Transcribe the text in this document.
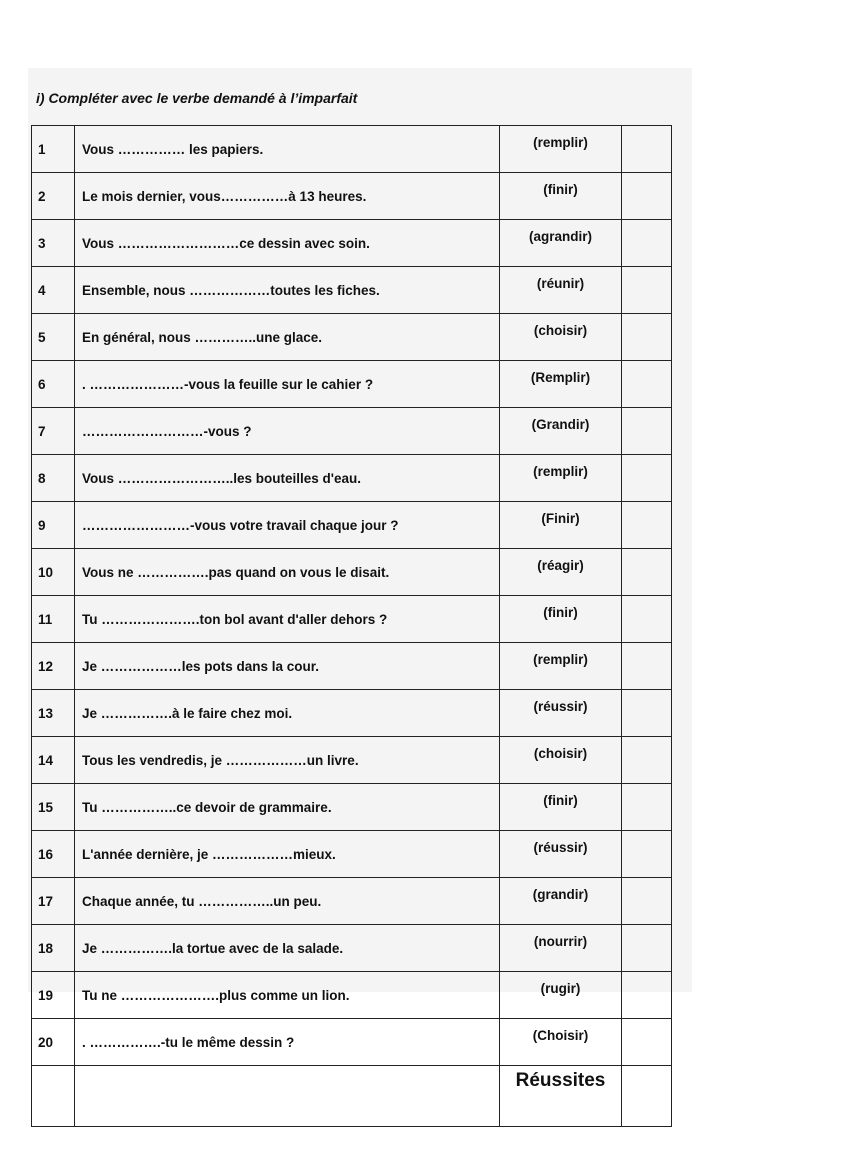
i) Compléter avec le verbe demandé à l’imparfait
1	Vous …………… les papiers.	(remplir)	
2	Le mois dernier, vous……………à 13 heures.	(finir)	
3	Vous ………………………ce dessin avec soin.	(agrandir)	
4	Ensemble, nous ………………toutes les fiches.	(réunir)	
5	En général, nous …………..une glace.	(choisir)	
6	. …………………-vous la feuille sur le cahier ?	(Remplir)	
7	………………………-vous ?	(Grandir)	
8	Vous ……………………..les bouteilles d'eau.	(remplir)	
9	……………………-vous votre travail chaque jour ?	(Finir)	
10	Vous ne …………….pas quand on vous le disait.	(réagir)	
11	Tu ………………….ton bol avant d'aller dehors ?	(finir)	
12	Je ………………les pots dans la cour.	(remplir)	
13	Je …………….à le faire chez moi.	(réussir)	
14	Tous les vendredis, je ………………un livre.	(choisir)	
15	Tu ……………..ce devoir de grammaire.	(finir)	
16	L'année dernière, je ………………mieux.	(réussir)	
17	Chaque année, tu ……………..un peu.	(grandir)	
18	Je …………….la tortue avec de la salade.	(nourrir)	
19	Tu ne ………………….plus comme un lion.	(rugir)	
20	. …………….-tu le même dessin ?	(Choisir)	
		Réussites	
